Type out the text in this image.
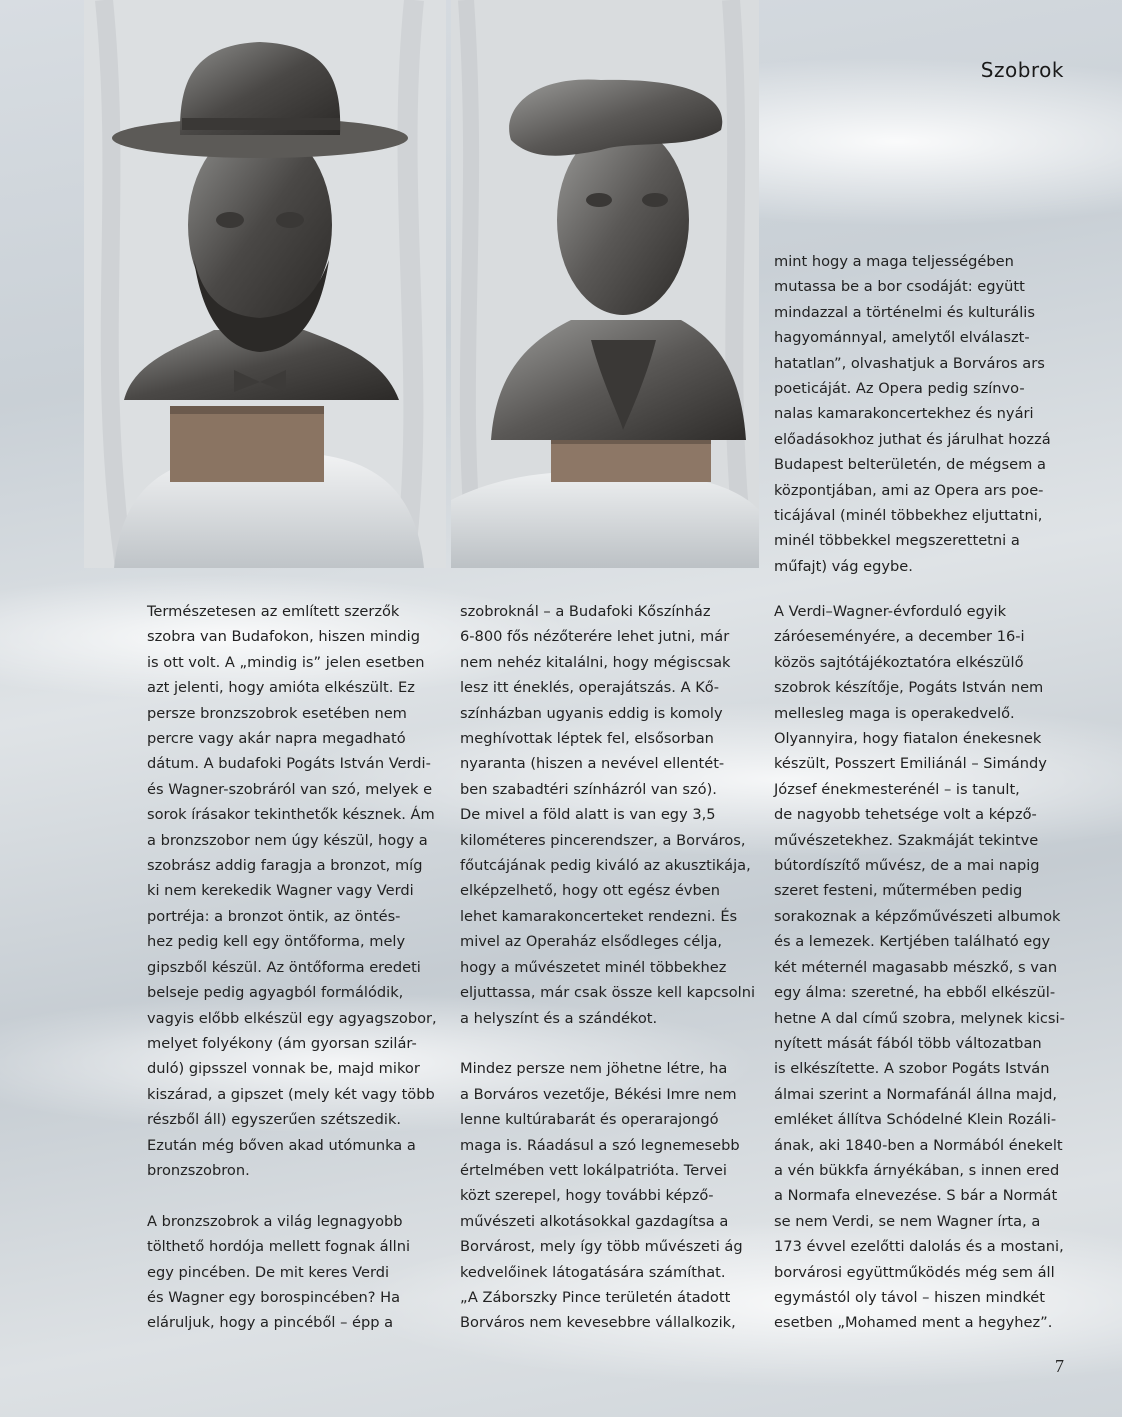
Szobrok

mint hogy a maga teljességében
mutassa be a bor csodáját: együtt
mindazzal a történelmi és kulturális
hagyománnyal, amelytől elválaszt-
hatatlan”, olvashatjuk a Borváros ars
poeticáját. Az Opera pedig színvo-
nalas kamarakoncertekhez és nyári
előadásokhoz juthat és járulhat hozzá
Budapest belterületén, de mégsem a
központjában, ami az Opera ars poe-
ticájával (minél többekhez eljuttatni,
minél többekkel megszerettetni a
műfajt) vág egybe.

Természetesen az említett szerzők
szobra van Budafokon, hiszen mindig
is ott volt. A „mindig is” jelen esetben
azt jelenti, hogy amióta elkészült. Ez
persze bronzszobrok esetében nem
percre vagy akár napra megadható
dátum. A budafoki Pogáts István Verdi-
és Wagner-szobráról van szó, melyek e
sorok írásakor tekinthetők késznek. Ám
a bronzszobor nem úgy készül, hogy a
szobrász addig faragja a bronzot, míg
ki nem kerekedik Wagner vagy Verdi
portréja: a bronzot öntik, az öntés-
hez pedig kell egy öntőforma, mely
gipszből készül. Az öntőforma eredeti
belseje pedig agyagból formálódik,
vagyis előbb elkészül egy agyagszobor,
melyet folyékony (ám gyorsan szilár-
duló) gipsszel vonnak be, majd mikor
kiszárad, a gipszet (mely két vagy több
részből áll) egyszerűen szétszedik.
Ezután még bőven akad utómunka a
bronzszobron.

A bronzszobrok a világ legnagyobb
tölthető hordója mellett fognak állni
egy pincében. De mit keres Verdi
és Wagner egy borospincében? Ha
eláruljuk, hogy a pincéből – épp a

szobroknál – a Budafoki Kőszínház
6-800 fős nézőterére lehet jutni, már
nem nehéz kitalálni, hogy mégiscsak
lesz itt éneklés, operajátszás. A Kő-
színházban ugyanis eddig is komoly
meghívottak léptek fel, elsősorban
nyaranta (hiszen a nevével ellentét-
ben szabadtéri színházról van szó).
De mivel a föld alatt is van egy 3,5
kilométeres pincerendszer, a Borváros,
főutcájának pedig kiváló az akusztikája,
elképzelhető, hogy ott egész évben
lehet kamarakoncerteket rendezni. És
mivel az Operaház elsődleges célja,
hogy a művészetet minél többekhez
eljuttassa, már csak össze kell kapcsolni
a helyszínt és a szándékot.

Mindez persze nem jöhetne létre, ha
a Borváros vezetője, Békési Imre nem
lenne kultúrabarát és operarajongó
maga is. Ráadásul a szó legnemesebb
értelmében vett lokálpatrióta. Tervei
közt szerepel, hogy további képző-
művészeti alkotásokkal gazdagítsa a
Borvárost, mely így több művészeti ág
kedvelőinek látogatására számíthat.
„A Záborszky Pince területén átadott
Borváros nem kevesebbre vállalkozik,

A Verdi–Wagner-évforduló egyik
záróeseményére, a december 16-i
közös sajtótájékoztatóra elkészülő
szobrok készítője, Pogáts István nem
mellesleg maga is operakedvelő.
Olyannyira, hogy fiatalon énekesnek
készült, Posszert Emiliánál – Simándy
József énekmesterénél – is tanult,
de nagyobb tehetsége volt a képző-
művészetekhez. Szakmáját tekintve
bútordíszítő művész, de a mai napig
szeret festeni, műtermében pedig
sorakoznak a képzőművészeti albumok
és a lemezek. Kertjében található egy
két méternél magasabb mészkő, s van
egy álma: szeretné, ha ebből elkészül-
hetne A dal című szobra, melynek kicsi-
nyített mását fából több változatban
is elkészítette. A szobor Pogáts István
álmai szerint a Normafánál állna majd,
emléket állítva Schódelné Klein Rozáli-
ának, aki 1840-ben a Normából énekelt
a vén bükkfa árnyékában, s innen ered
a Normafa elnevezése. S bár a Normát
se nem Verdi, se nem Wagner írta, a
173 évvel ezelőtti dalolás és a mostani,
borvárosi együttműködés még sem áll
egymástól oly távol – hiszen mindkét
esetben „Mohamed ment a hegyhez”.

7
